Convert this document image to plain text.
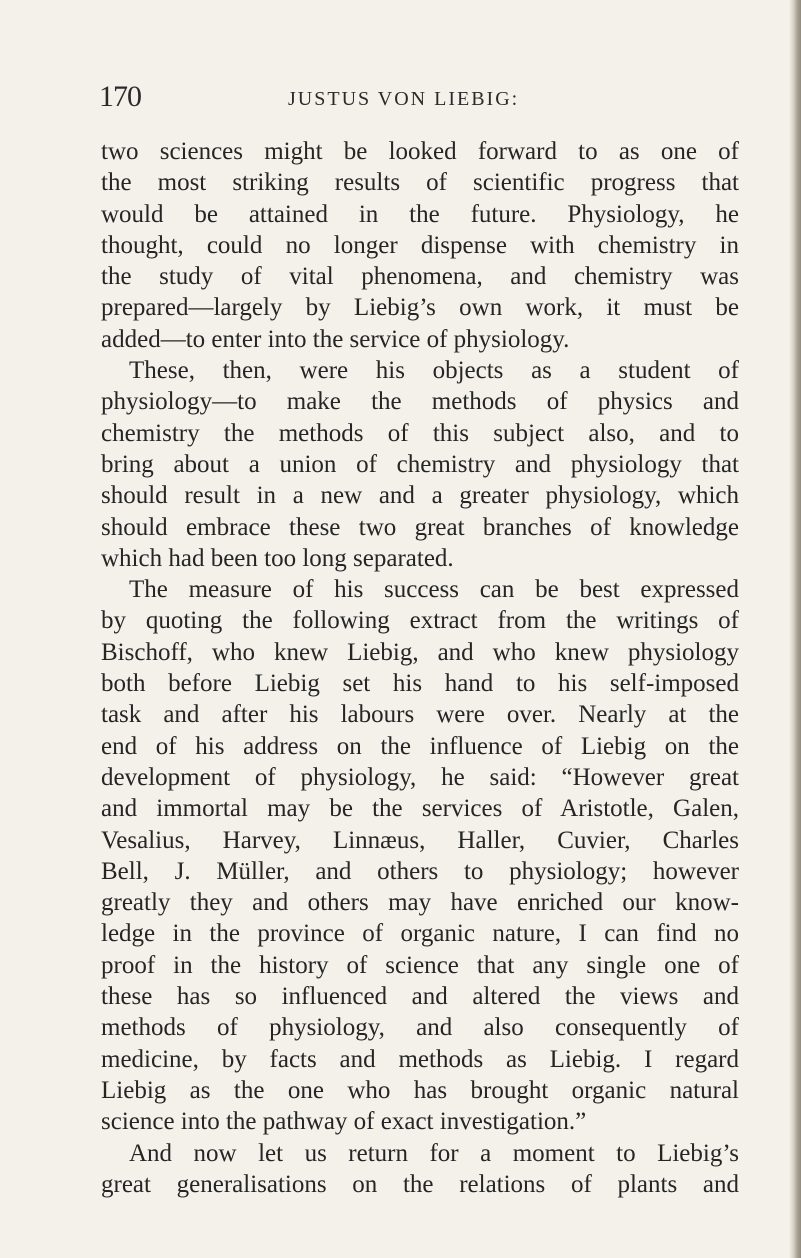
170	JUSTUS VON LIEBIG:
two sciences might be looked forward to as one of
the most striking results of scientific progress that
would be attained in the future. Physiology, he
thought, could no longer dispense with chemistry in
the study of vital phenomena, and chemistry was
prepared—largely by Liebig’s own work, it must be
added—to enter into the service of physiology.
These, then, were his objects as a student of
physiology—to make the methods of physics and
chemistry the methods of this subject also, and to
bring about a union of chemistry and physiology that
should result in a new and a greater physiology, which
should embrace these two great branches of knowledge
which had been too long separated.
The measure of his success can be best expressed
by quoting the following extract from the writings of
Bischoff, who knew Liebig, and who knew physiology
both before Liebig set his hand to his self-imposed
task and after his labours were over. Nearly at the
end of his address on the influence of Liebig on the
development of physiology, he said: “However great
and immortal may be the services of Aristotle, Galen,
Vesalius, Harvey, Linnæus, Haller, Cuvier, Charles
Bell, J. Müller, and others to physiology; however
greatly they and others may have enriched our know-
ledge in the province of organic nature, I can find no
proof in the history of science that any single one of
these has so influenced and altered the views and
methods of physiology, and also consequently of
medicine, by facts and methods as Liebig. I regard
Liebig as the one who has brought organic natural
science into the pathway of exact investigation.”
And now let us return for a moment to Liebig’s
great generalisations on the relations of plants and
